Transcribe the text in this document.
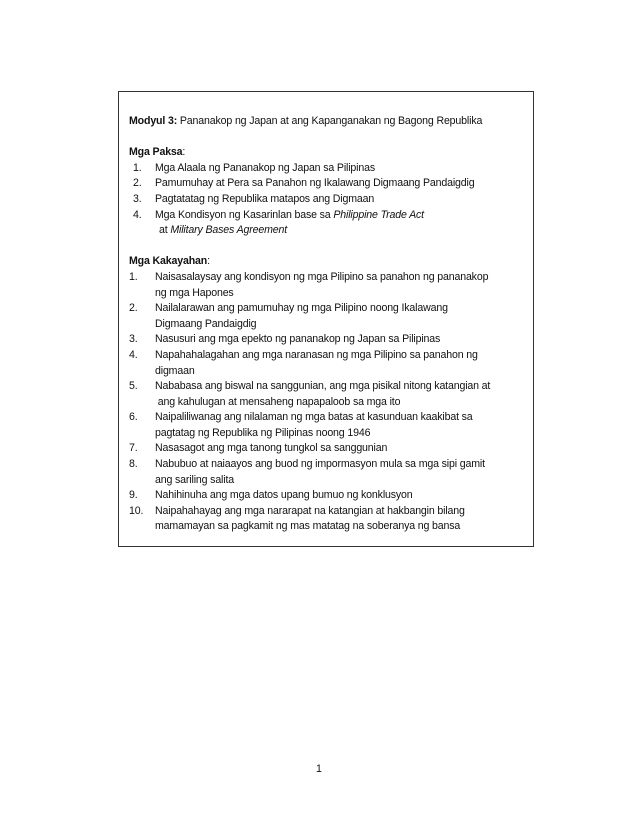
Modyul 3: Pananakop ng Japan at ang Kapanganakan ng Bagong Republika

Mga Paksa:

1. Mga Alaala ng Pananakop ng Japan sa Pilipinas
2. Pamumuhay at Pera sa Panahon ng Ikalawang Digmaang Pandaigdig
3. Pagtatatag ng Republika matapos ang Digmaan
4. Mga Kondisyon ng Kasarinlan base sa Philippine Trade Act
at Military Bases Agreement

Mga Kakayahan:

1. Naisasalaysay ang kondisyon ng mga Pilipino sa panahon ng pananakop
ng mga Hapones
2. Nailalarawan ang pamumuhay ng mga Pilipino noong Ikalawang
Digmaang Pandaigdig
3. Nasusuri ang mga epekto ng pananakop ng Japan sa Pilipinas
4. Napahahalagahan ang mga naranasan ng mga Pilipino sa panahon ng
digmaan
5. Nababasa ang biswal na sanggunian, ang mga pisikal nitong katangian at
ang kahulugan at mensaheng napapaloob sa mga ito
6. Naipaliliwanag ang nilalaman ng mga batas at kasunduan kaakibat sa
pagtatag ng Republika ng Pilipinas noong 1946
7. Nasasagot ang mga tanong tungkol sa sanggunian
8. Nabubuo at naiaayos ang buod ng impormasyon mula sa mga sipi gamit
ang sariling salita
9. Nahihinuha ang mga datos upang bumuo ng konklusyon
10. Naipahahayag ang mga nararapat na katangian at hakbangin bilang
mamamayan sa pagkamit ng mas matatag na soberanya ng bansa
1
